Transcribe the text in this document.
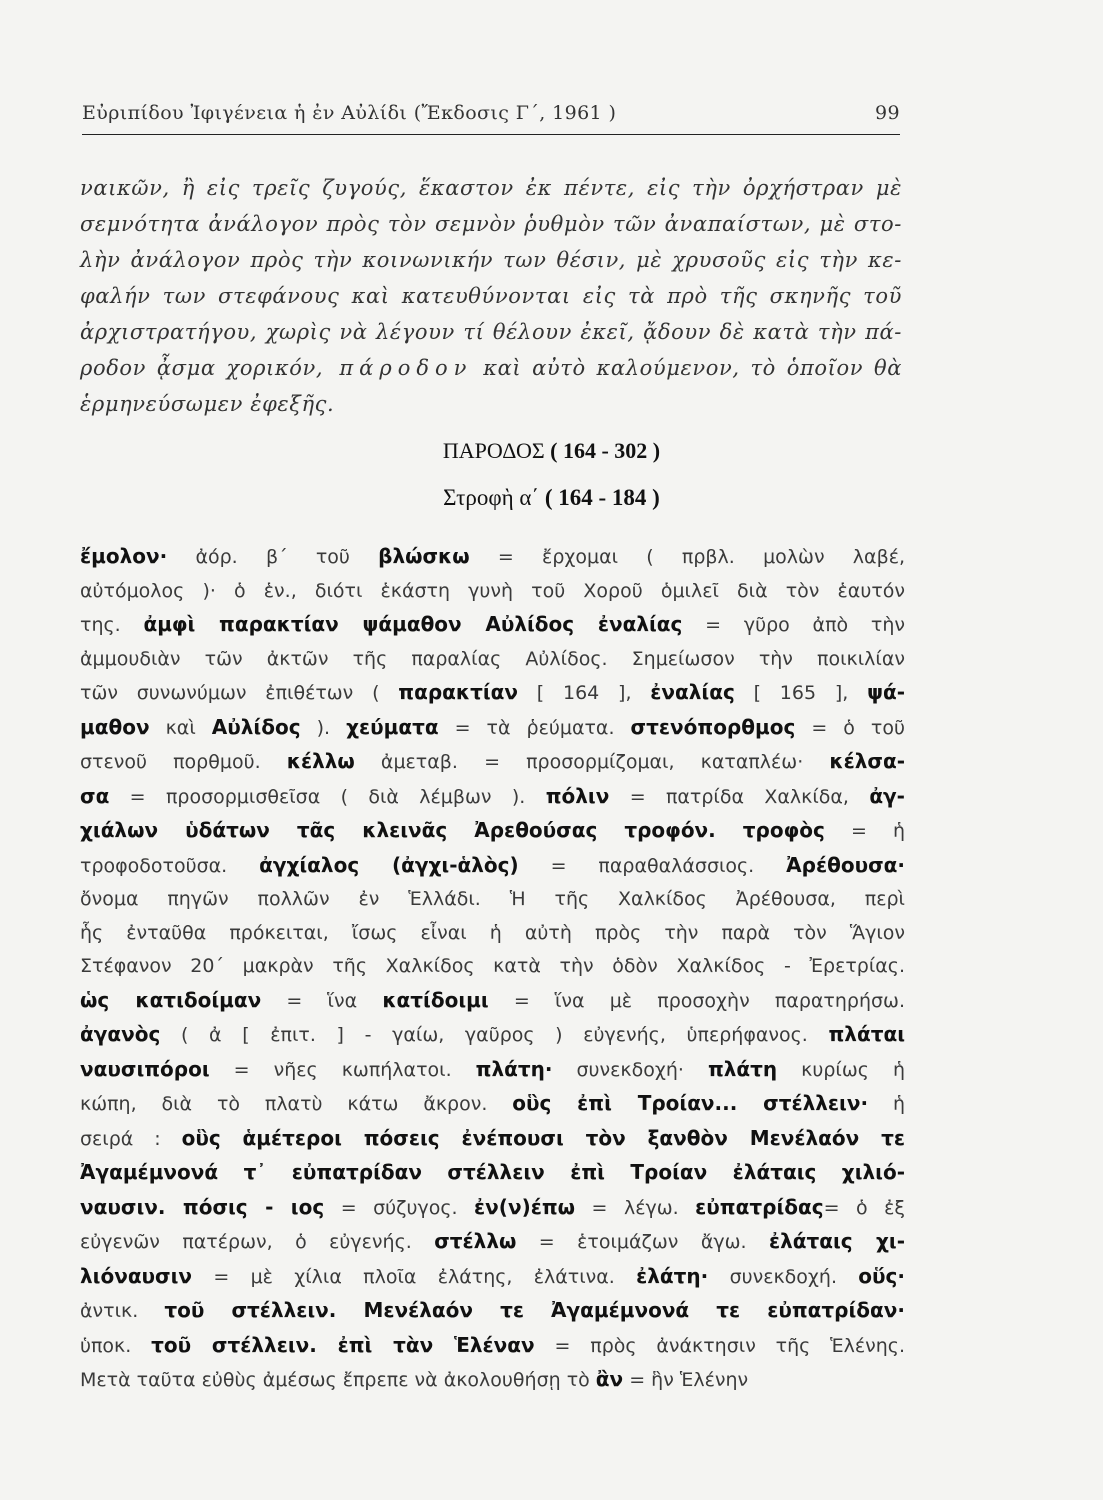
Εὐριπίδου Ἰφιγένεια ἡ ἐν Αὐλίδι (Ἔκδοσις Γ΄, 1961 )	99

ναικῶν, ἢ εἰς τρεῖς ζυγούς, ἕκαστον ἐκ πέντε, εἰς τὴν ὀρχήστραν μὲ

σεμνότητα ἀνάλογον πρὸς τὸν σεμνὸν ῥυθμὸν τῶν ἀναπαίστων, μὲ στο-

λὴν ἀνάλογον πρὸς τὴν κοινωνικήν των θέσιν, μὲ χρυσοῦς εἰς τὴν κε-

φαλήν των στεφάνους καὶ κατευθύνονται εἰς τὰ πρὸ τῆς σκηνῆς τοῦ

ἀρχιστρατήγου, χωρὶς νὰ λέγουν τί θέλουν ἐκεῖ, ᾄδουν δὲ κατὰ τὴν πά-

ροδον ᾆσμα χορικόν, πάροδον καὶ αὐτὸ καλούμενον, τὸ ὁποῖον θὰ

ἑρμηνεύσωμεν ἐφεξῆς.

ΠΑΡΟΔΟΣ ( 164 - 302 )
Στροφὴ α΄ ( 164 - 184 )

ἔμολον· ἀόρ. β΄ τοῦ βλώσκω = ἔρχομαι ( πρβλ. μολὼν λαβέ,

αὐτόμολος )· ὁ ἑν., διότι ἑκάστη γυνὴ τοῦ Χοροῦ ὁμιλεῖ διὰ τὸν ἑαυτόν

της. ἀμφὶ παρακτίαν ψάμαθον Αὐλίδος ἐναλίας = γῦρο ἀπὸ τὴν

ἀμμουδιὰν τῶν ἀκτῶν τῆς παραλίας Αὐλίδος. Σημείωσον τὴν ποικιλίαν

τῶν συνωνύμων ἐπιθέτων ( παρακτίαν [ 164 ], ἐναλίας [ 165 ], ψά-

μαθον καὶ Αὐλίδος ). χεύματα = τὰ ῥεύματα. στενόπορθμος = ὁ τοῦ

στενοῦ πορθμοῦ. κέλλω ἀμεταβ. = προσορμίζομαι, καταπλέω· κέλσα-

σα = προσορμισθεῖσα ( διὰ λέμβων ). πόλιν = πατρίδα Χαλκίδα, ἀγ-

χιάλων ὑδάτων τᾶς κλεινᾶς Ἀρεθούσας τροφόν. τροφὸς = ἡ

τροφοδοτοῦσα. ἀγχίαλος (ἀγχι-ἁλὸς) = παραθαλάσσιος. Ἀρέθουσα·

ὄνομα πηγῶν πολλῶν ἐν Ἑλλάδι. Ἡ τῆς Χαλκίδος Ἀρέθουσα, περὶ

ἧς ἐνταῦθα πρόκειται, ἴσως εἶναι ἡ αὐτὴ πρὸς τὴν παρὰ τὸν Ἅγιον

Στέφανον 20΄ μακρὰν τῆς Χαλκίδος κατὰ τὴν ὁδὸν Χαλκίδος - Ἐρετρίας.

ὡς κατιδοίμαν = ἵνα κατίδοιμι = ἵνα μὲ προσοχὴν παρατηρήσω.

ἀγανὸς ( ἀ [ ἐπιτ. ] - γαίω, γαῦρος ) εὐγενής, ὑπερήφανος. πλάται

ναυσιπόροι = νῆες κωπήλατοι. πλάτη· συνεκδοχή· πλάτη κυρίως ἡ

κώπη, διὰ τὸ πλατὺ κάτω ἄκρον. οὓς ἐπὶ Τροίαν... στέλλειν· ἡ

σειρά : οὓς ἁμέτεροι πόσεις ἐνέπουσι τὸν ξανθὸν Μενέλαόν τε

Ἀγαμέμνονά τ᾽ εὐπατρίδαν στέλλειν ἐπὶ Τροίαν ἐλάταις χιλιό-

ναυσιν. πόσις - ιος = σύζυγος. ἐν(ν)έπω = λέγω. εὐπατρίδας= ὁ ἐξ

εὐγενῶν πατέρων, ὁ εὐγενής. στέλλω = ἑτοιμάζων ἄγω. ἐλάταις χι-

λιόναυσιν = μὲ χίλια πλοῖα ἐλάτης, ἐλάτινα. ἐλάτη· συνεκδοχή. οὕς·

ἀντικ. τοῦ στέλλειν. Μενέλαόν τε Ἀγαμέμνονά τε εὐπατρίδαν·

ὑποκ. τοῦ στέλλειν. ἐπὶ τὰν Ἑλέναν = πρὸς ἀνάκτησιν τῆς Ἑλένης.

Μετὰ ταῦτα εὐθὺς ἀμέσως ἔπρεπε νὰ ἀκολουθήσῃ τὸ ἂν = ἣν Ἑλένην
